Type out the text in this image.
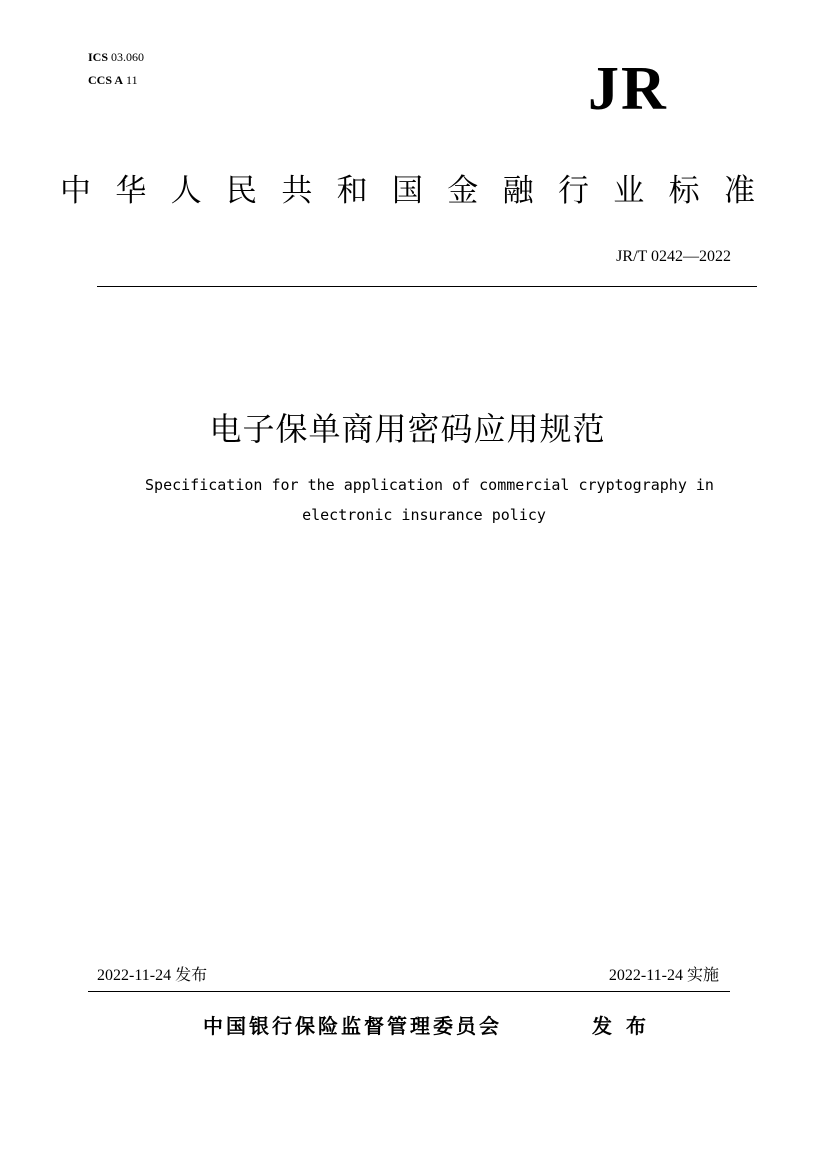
ICS 03.060
CCS A 11	JR
中 华 人 民 共 和 国 金 融 行 业 标 准
JR/T 0242—2022
电子保单商用密码应用规范
Specification for the application of commercial cryptography in
electronic insurance policy
2022-11-24 发布	2022-11-24 实施
中国银行保险监督管理委员会	发布
